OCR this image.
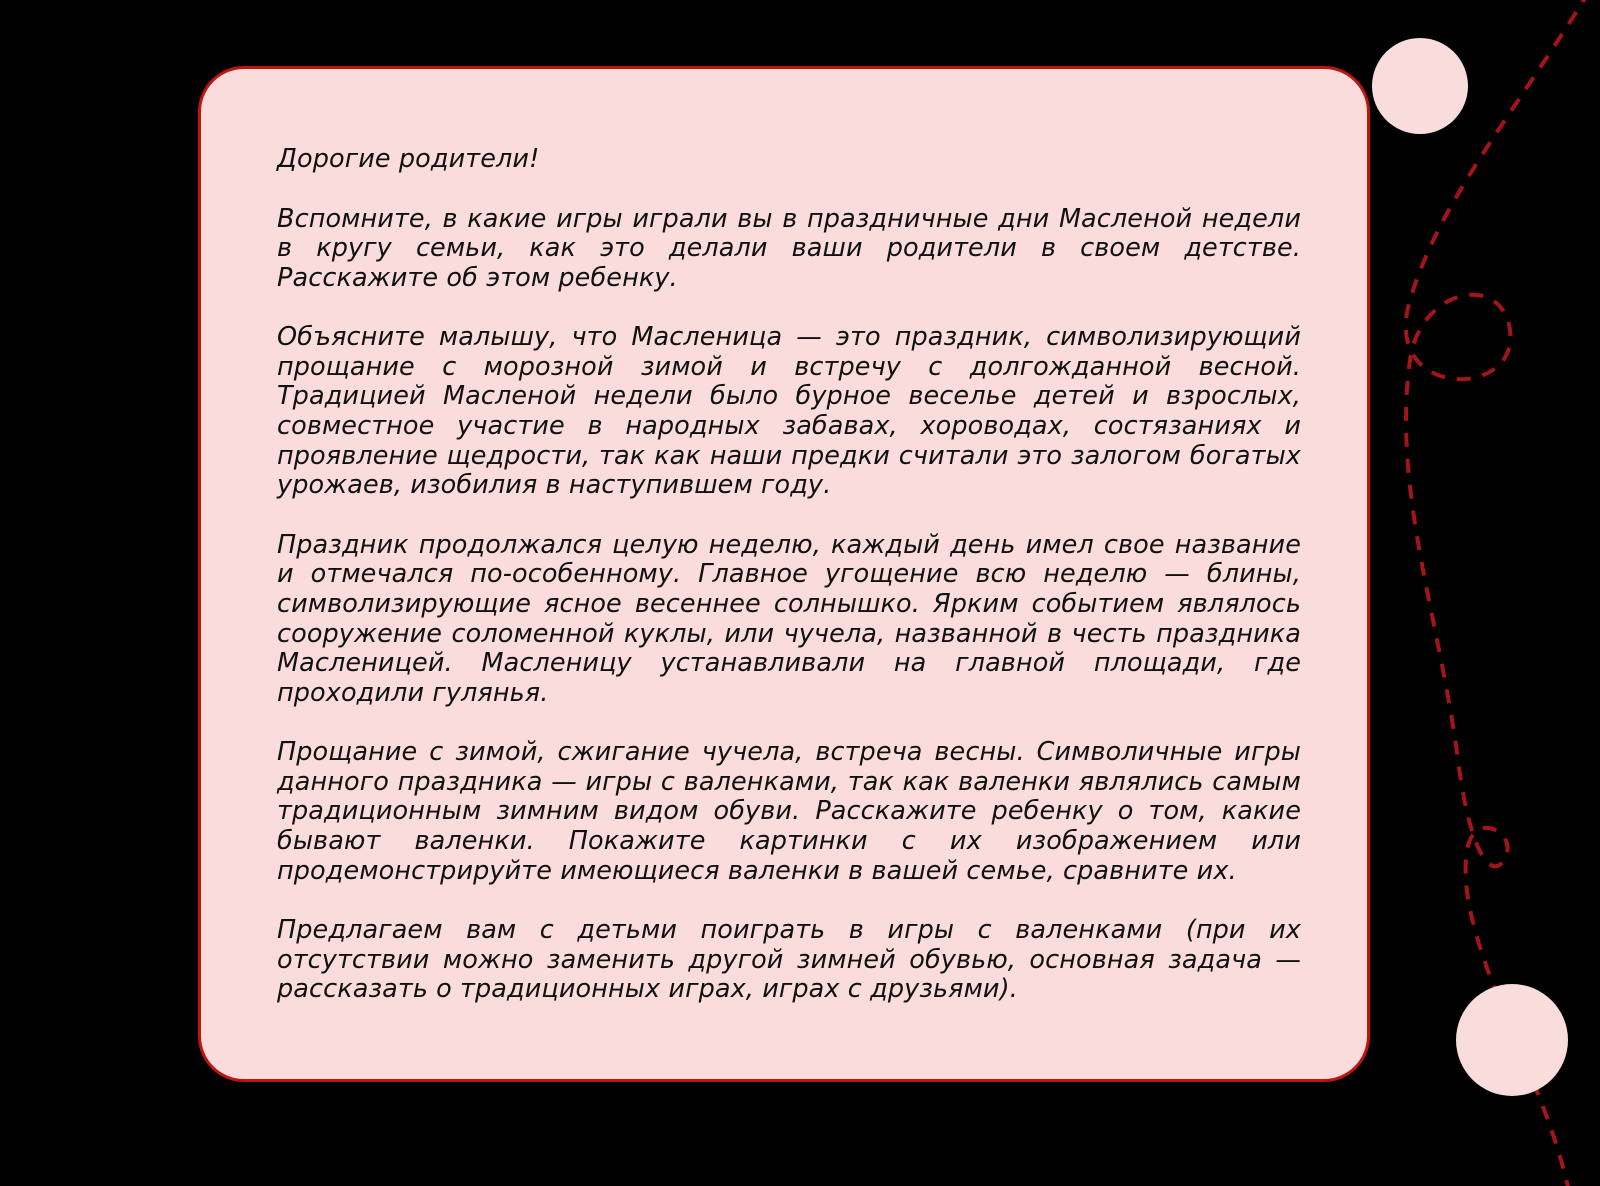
Дорогие родители!

Вспомните, в какие игры играли вы в праздничные дни Масленой недели в кругу семьи, как это делали ваши родители в своем детстве. Расскажите об этом ребенку.

Объясните малышу, что Масленица — это праздник, символизирующий прощание с морозной зимой и встречу с долгожданной весной. Традицией Масленой недели было бурное веселье детей и взрослых, совместное участие в народных забавах, хороводах, состязаниях и проявление щедрости, так как наши предки считали это залогом богатых урожаев, изобилия в наступившем году.

Праздник продолжался целую неделю, каждый день имел свое название и отмечался по-особенному. Главное угощение всю неделю — блины, символизирующие ясное весеннее солнышко. Ярким событием являлось сооружение соломенной куклы, или чучела, названной в честь праздника Масленицей. Масленицу устанавливали на главной площади, где проходили гулянья.

Прощание с зимой, сжигание чучела, встреча весны. Символичные игры данного праздника — игры с валенками, так как валенки являлись самым традиционным зимним видом обуви. Расскажите ребенку о том, какие бывают валенки. Покажите картинки с их изображением или продемонстрируйте имеющиеся валенки в вашей семье, сравните их.

Предлагаем вам с детьми поиграть в игры с валенками (при их отсутствии можно заменить другой зимней обувью, основная задача — рассказать о традиционных играх, играх с друзьями).
